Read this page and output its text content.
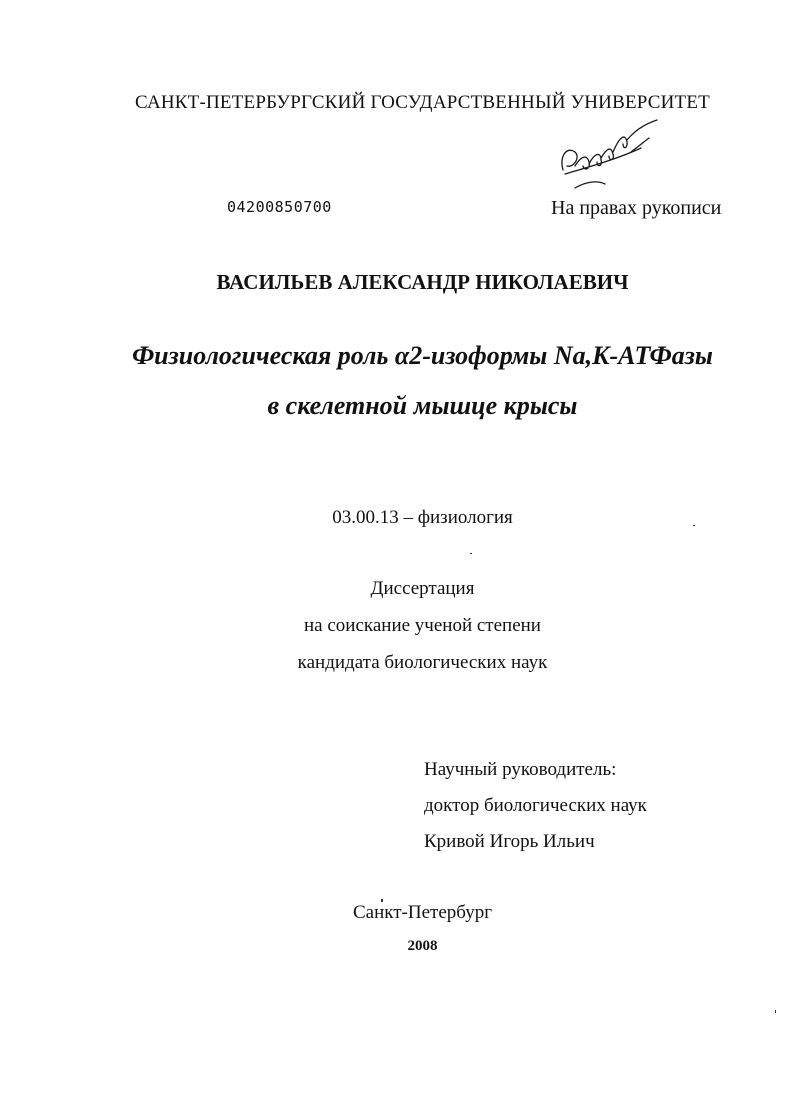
САНКТ-ПЕТЕРБУРГСКИЙ ГОСУДАРСТВЕННЫЙ УНИВЕРСИТЕТ
04200850700	На правах рукописи
ВАСИЛЬЕВ АЛЕКСАНДР НИКОЛАЕВИЧ
Физиологическая роль α2-изоформы Na,K-АТФазы
в скелетной мышце крысы
03.00.13 – физиология
Диссертация
на соискание ученой степени
кандидата биологических наук
Научный руководитель:
доктор биологических наук
Кривой Игорь Ильич
Санкт-Петербург
2008
